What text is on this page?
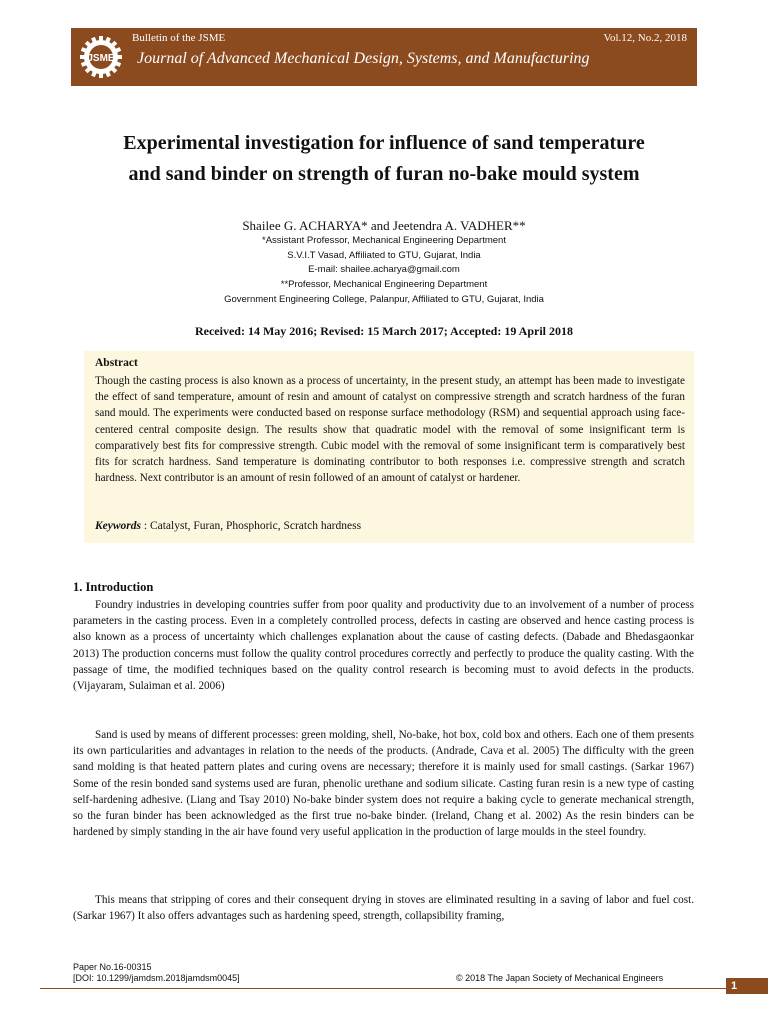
JSME
Bulletin of the JSME	Vol.12, No.2, 2018
Journal of Advanced Mechanical Design, Systems, and Manufacturing
Experimental investigation for influence of sand temperature
and sand binder on strength of furan no-bake mould system
Shailee G. ACHARYA* and Jeetendra A. VADHER**
*Assistant Professor, Mechanical Engineering Department
S.V.I.T Vasad, Affiliated to GTU, Gujarat, India
E-mail: shailee.acharya@gmail.com
**Professor, Mechanical Engineering Department
Government Engineering College, Palanpur, Affiliated to GTU, Gujarat, India
Received: 14 May 2016; Revised: 15 March 2017; Accepted: 19 April 2018
Abstract
Though the casting process is also known as a process of uncertainty, in the present study, an attempt has been made to investigate the effect of sand temperature, amount of resin and amount of catalyst on compressive strength and scratch hardness of the furan sand mould. The experiments were conducted based on response surface methodology (RSM) and sequential approach using face-centered central composite design. The results show that quadratic model with the removal of some insignificant term is comparatively best fits for compressive strength. Cubic model with the removal of some insignificant term is comparatively best fits for scratch hardness. Sand temperature is dominating contributor to both responses i.e. compressive strength and scratch hardness. Next contributor is an amount of resin followed of an amount of catalyst or hardener.
Keywords : Catalyst, Furan, Phosphoric, Scratch hardness
1. Introduction
Foundry industries in developing countries suffer from poor quality and productivity due to an involvement of a number of process parameters in the casting process. Even in a completely controlled process, defects in casting are observed and hence casting process is also known as a process of uncertainty which challenges explanation about the cause of casting defects. (Dabade and Bhedasgaonkar 2013) The production concerns must follow the quality control procedures correctly and perfectly to produce the quality casting. With the passage of time, the modified techniques based on the quality control research is becoming must to avoid defects in the products.(Vijayaram, Sulaiman et al. 2006)
Sand is used by means of different processes: green molding, shell, No-bake, hot box, cold box and others. Each one of them presents its own particularities and advantages in relation to the needs of the products. (Andrade, Cava et al. 2005) The difficulty with the green sand molding is that heated pattern plates and curing ovens are necessary; therefore it is mainly used for small castings. (Sarkar 1967) Some of the resin bonded sand systems used are furan, phenolic urethane and sodium silicate. Casting furan resin is a new type of casting self-hardening adhesive. (Liang and Tsay 2010) No-bake binder system does not require a baking cycle to generate mechanical strength, so the furan binder has been acknowledged as the first true no-bake binder. (Ireland, Chang et al. 2002) As the resin binders can be hardened by simply standing in the air have found very useful application in the production of large moulds in the steel foundry.
This means that stripping of cores and their consequent drying in stoves are eliminated resulting in a saving of labor and fuel cost. (Sarkar 1967) It also offers advantages such as hardening speed, strength, collapsibility framing,
Paper No.16-00315
[DOI: 10.1299/jamdsm.2018jamdsm0045]	© 2018 The Japan Society of Mechanical Engineers
1
